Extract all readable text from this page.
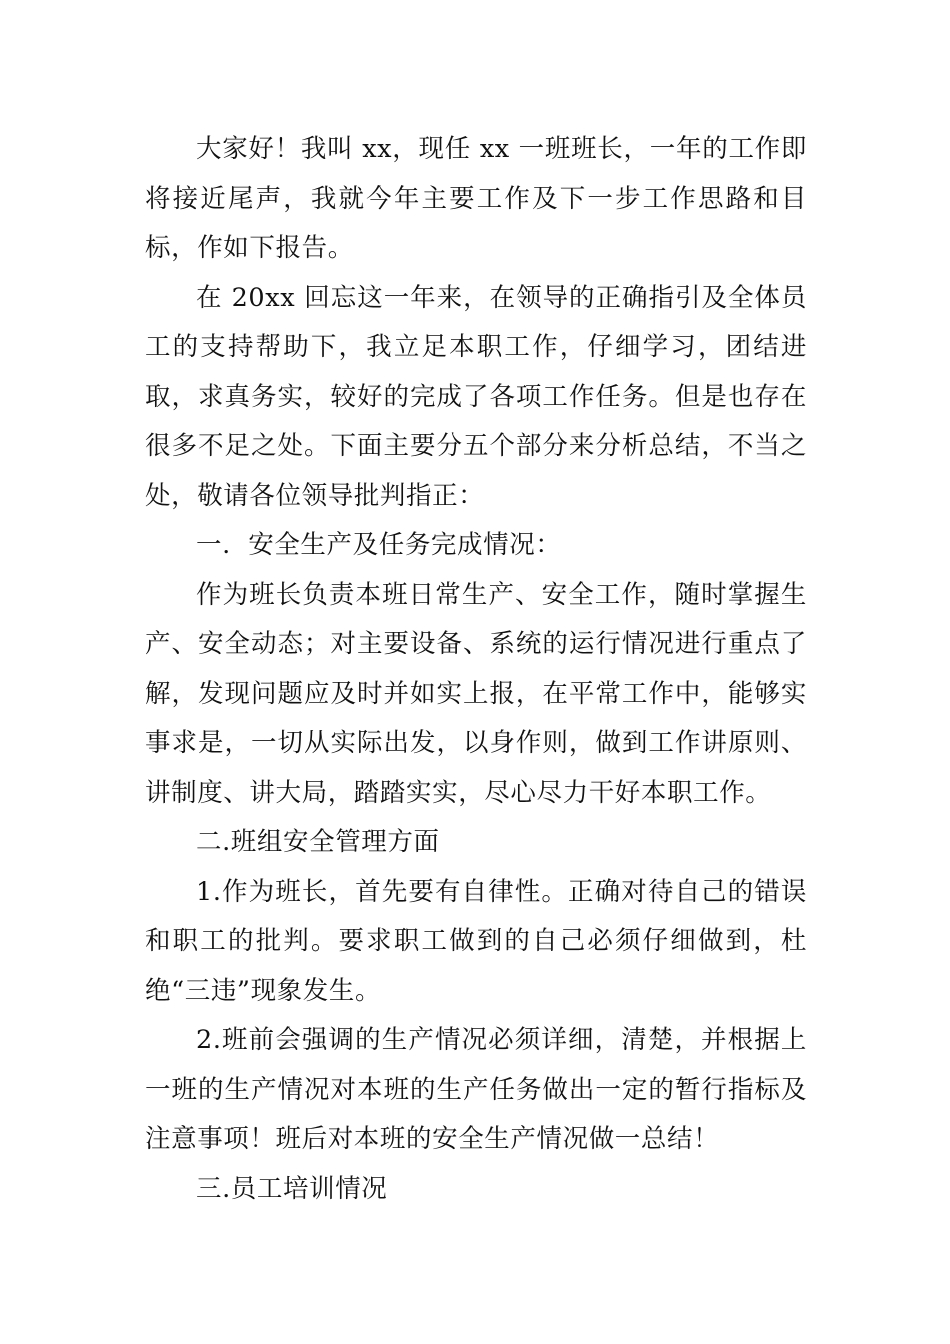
大家好！我叫 xx，现任 xx 一班班长，一年的工作即将接近尾声，我就今年主要工作及下一步工作思路和目标，作如下报告。

在 20xx 回忘这一年来，在领导的正确指引及全体员工的支持帮助下，我立足本职工作，仔细学习，团结进取，求真务实，较好的完成了各项工作任务。但是也存在很多不足之处。下面主要分五个部分来分析总结，不当之处，敬请各位领导批判指正：

一.  安全生产及任务完成情况：

作为班长负责本班日常生产、安全工作，随时掌握生产、安全动态；对主要设备、系统的运行情况进行重点了解，发现问题应及时并如实上报，在平常工作中，能够实事求是，一切从实际出发，以身作则，做到工作讲原则、讲制度、讲大局，踏踏实实，尽心尽力干好本职工作。

二.班组安全管理方面

1.作为班长，首先要有自律性。正确对待自己的错误和职工的批判。要求职工做到的自己必须仔细做到，杜绝“三违”现象发生。

2.班前会强调的生产情况必须详细，清楚，并根据上一班的生产情况对本班的生产任务做出一定的暂行指标及注意事项！班后对本班的安全生产情况做一总结！

三.员工培训情况
